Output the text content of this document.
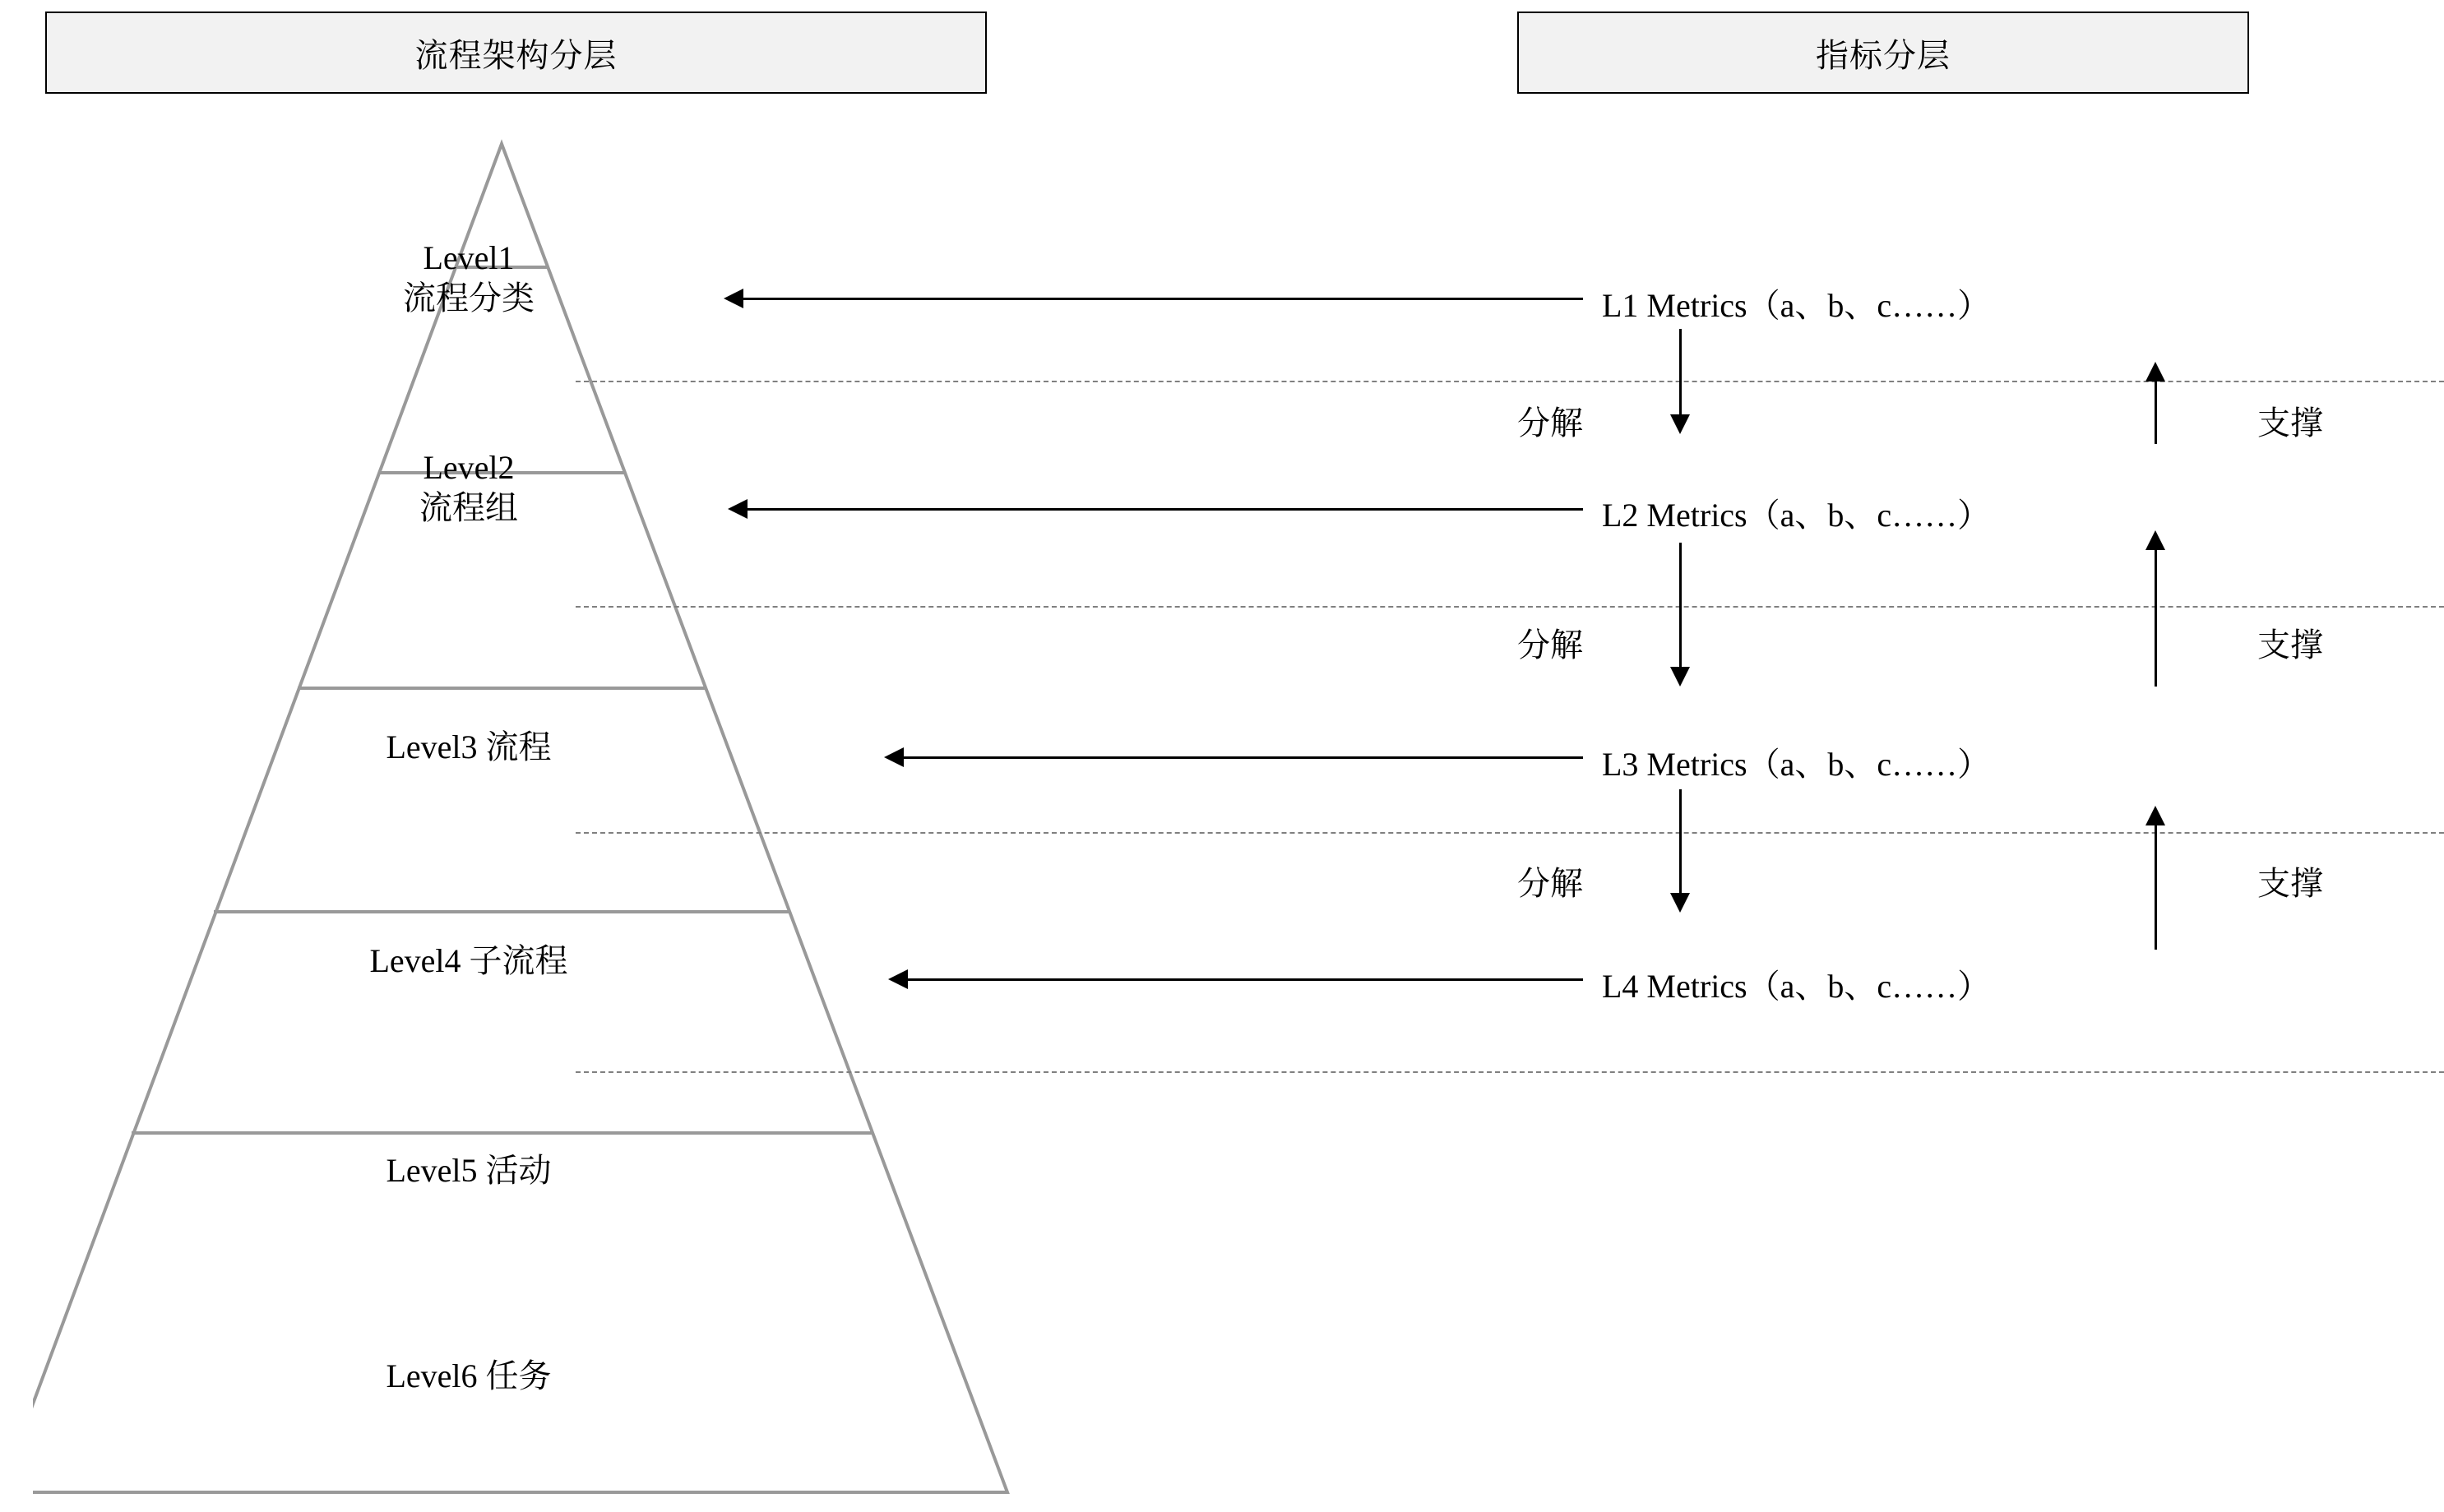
流程架构分层	指标分层
Level1
流程分类
Level2
流程组
Level3 流程
Level4 子流程
Level5 活动
Level6 任务
L1 Metrics（a、b、c……）
L2 Metrics（a、b、c……）
L3 Metrics（a、b、c……）
L4 Metrics（a、b、c……）
分解
分解
分解
支撑
支撑
支撑
